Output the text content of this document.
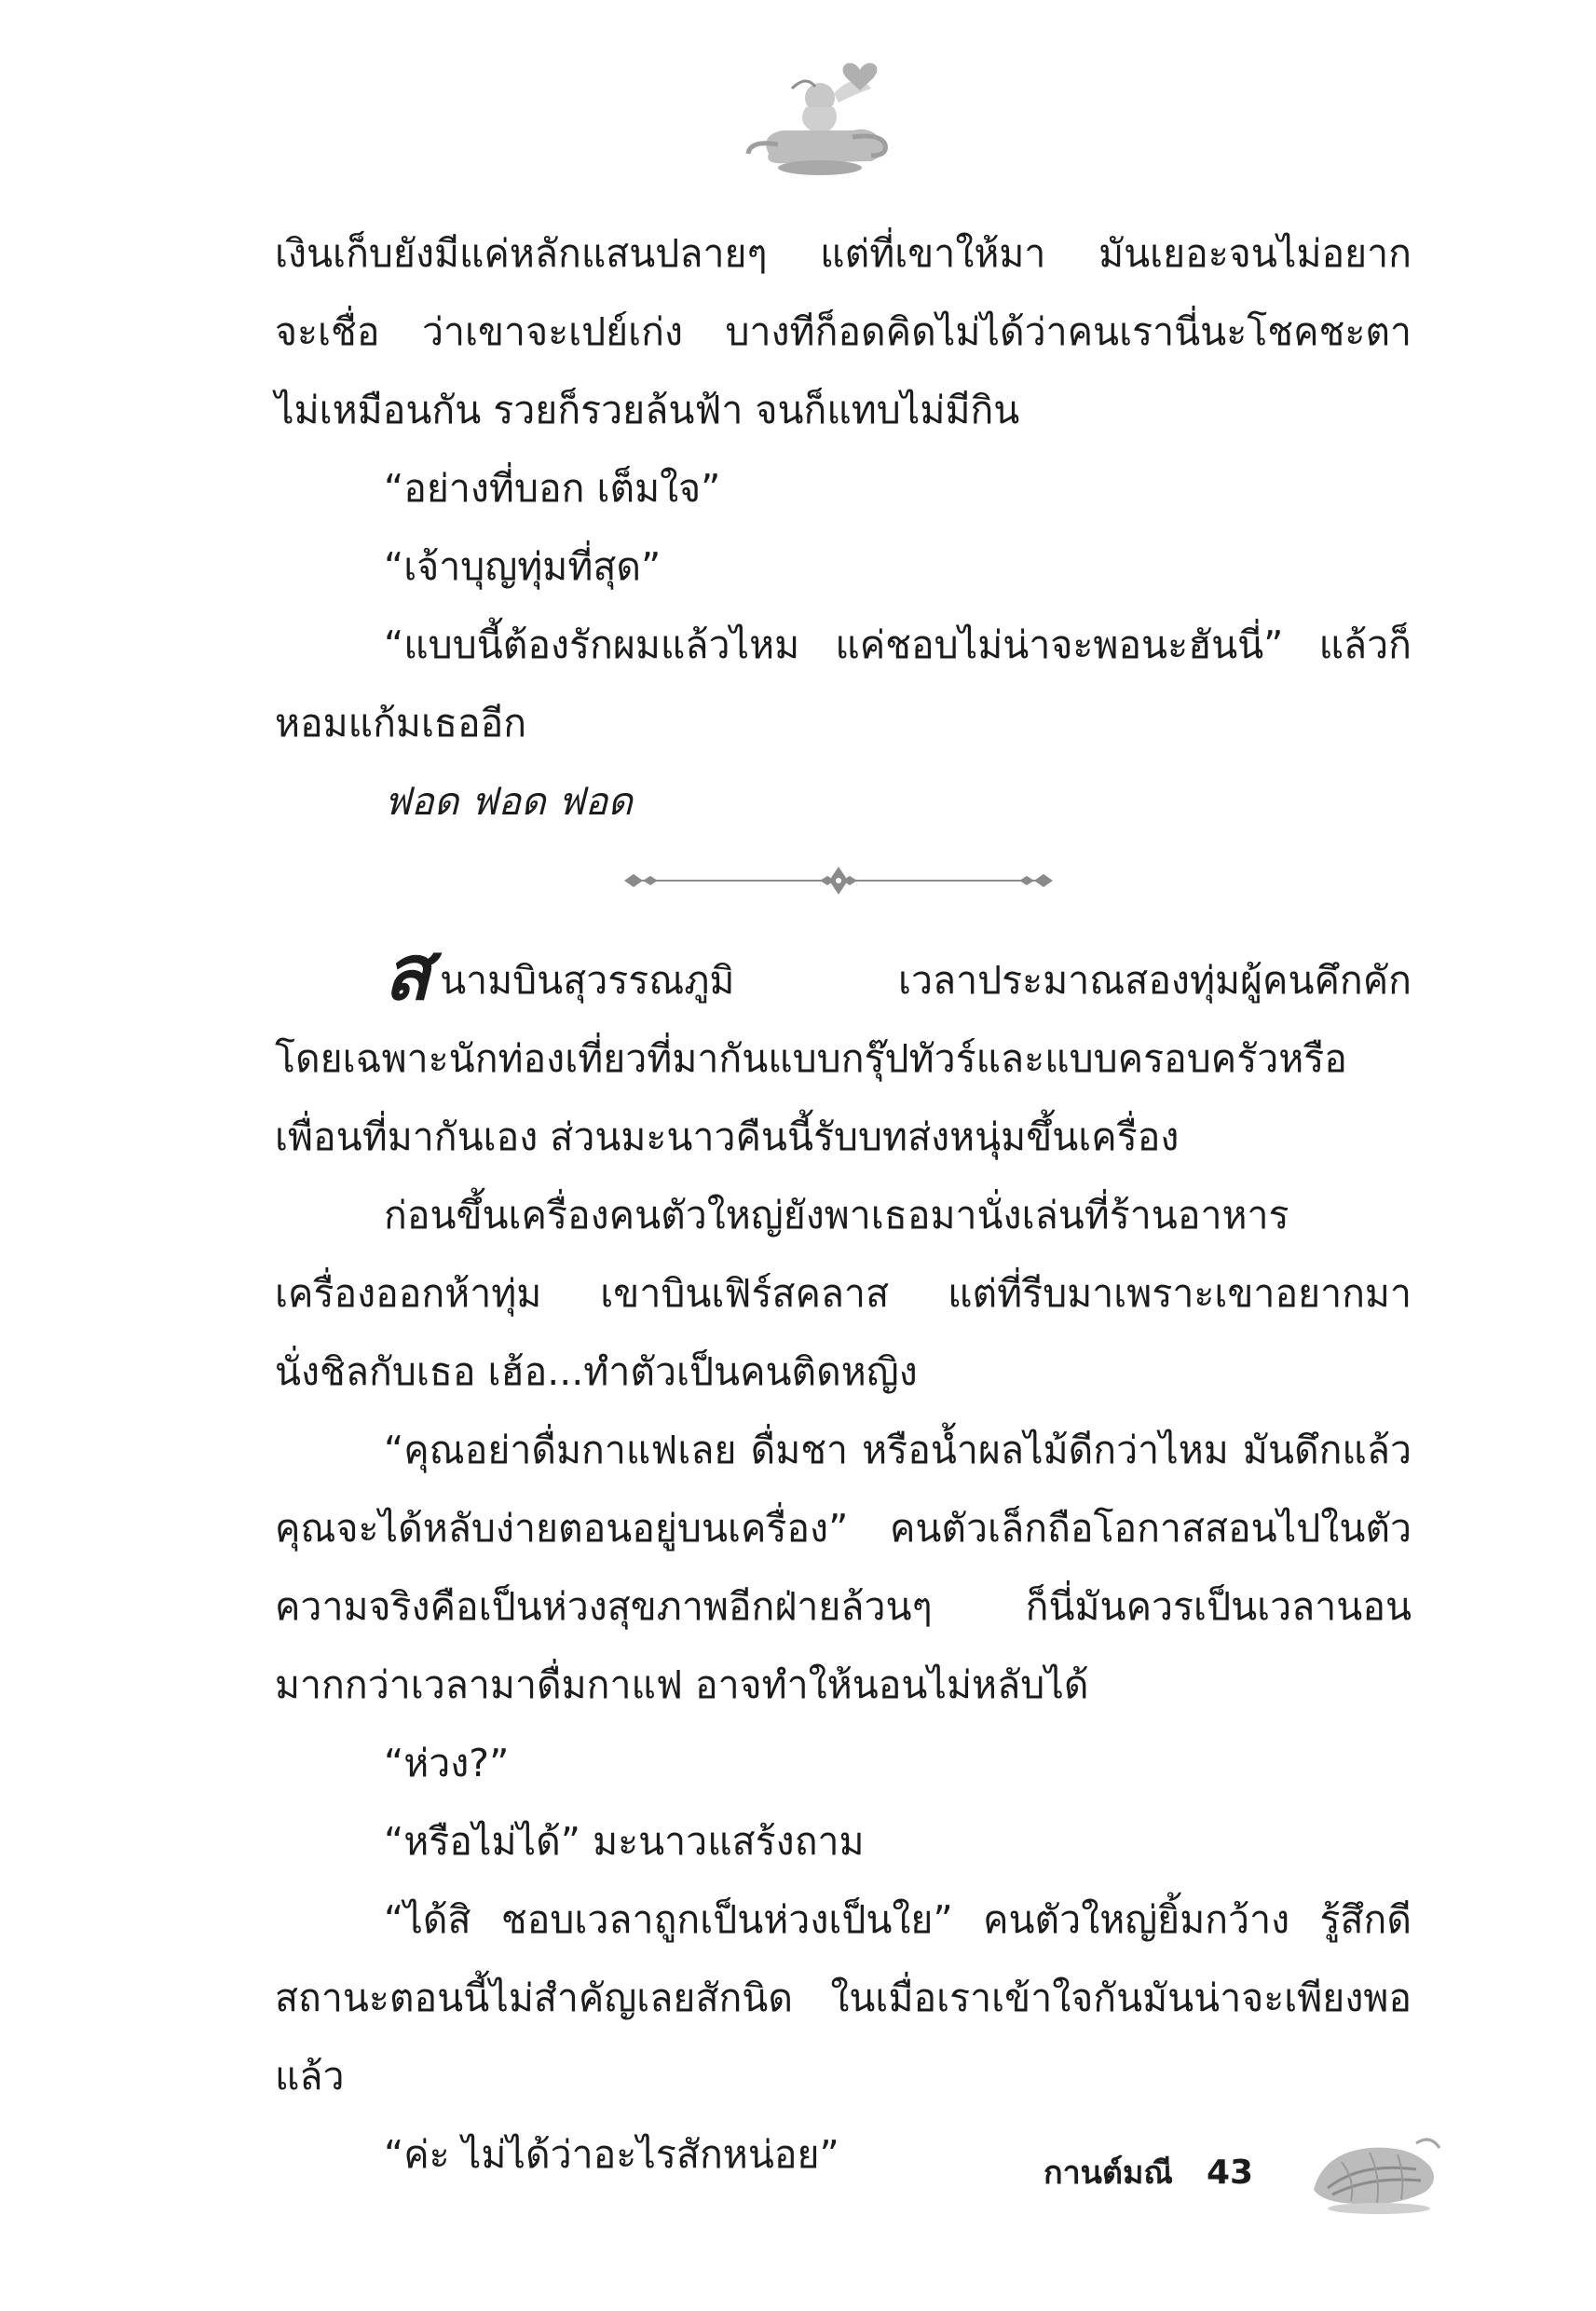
เงินเก็บยังมีแค่หลักแสนปลายๆ แต่ที่เขาให้มา มันเยอะจนไม่อยาก
จะเชื่อ ว่าเขาจะเปย์เก่ง บางทีก็อดคิดไม่ได้ว่าคนเรานี่นะโชคชะตา
ไม่เหมือนกัน รวยก็รวยล้นฟ้า จนก็แทบไม่มีกิน
“อย่างที่บอก เต็มใจ”
“เจ้าบุญทุ่มที่สุด”
“แบบนี้ต้องรักผมแล้วไหม แค่ชอบไม่น่าจะพอนะฮันนี่” แล้วก็
หอมแก้มเธออีก
ฟอด ฟอด ฟอด
สนามบินสุวรรณภูมิ เวลาประมาณสองทุ่มผู้คนคึกคัก
โดยเฉพาะนักท่องเที่ยวที่มากันแบบกรุ๊ปทัวร์และแบบครอบครัวหรือ
เพื่อนที่มากันเอง ส่วนมะนาวคืนนี้รับบทส่งหนุ่มขึ้นเครื่อง
ก่อนขึ้นเครื่องคนตัวใหญ่ยังพาเธอมานั่งเล่นที่ร้านอาหาร
เครื่องออกห้าทุ่ม เขาบินเฟิร์สคลาส แต่ที่รีบมาเพราะเขาอยากมา
นั่งชิลกับเธอ เฮ้อ...ทำตัวเป็นคนติดหญิง
“คุณอย่าดื่มกาแฟเลย ดื่มชา หรือน้ำผลไม้ดีกว่าไหม มันดึกแล้ว
คุณจะได้หลับง่ายตอนอยู่บนเครื่อง” คนตัวเล็กถือโอกาสสอนไปในตัว
ความจริงคือเป็นห่วงสุขภาพอีกฝ่ายล้วนๆ ก็นี่มันควรเป็นเวลานอน
มากกว่าเวลามาดื่มกาแฟ อาจทำให้นอนไม่หลับได้
“ห่วง?”
“หรือไม่ได้” มะนาวแสร้งถาม
“ได้สิ ชอบเวลาถูกเป็นห่วงเป็นใย” คนตัวใหญ่ยิ้มกว้าง รู้สึกดี
สถานะตอนนี้ไม่สำคัญเลยสักนิด ในเมื่อเราเข้าใจกันมันน่าจะเพียงพอ
แล้ว
“ค่ะ ไม่ได้ว่าอะไรสักหน่อย”	กานต์มณี 43
